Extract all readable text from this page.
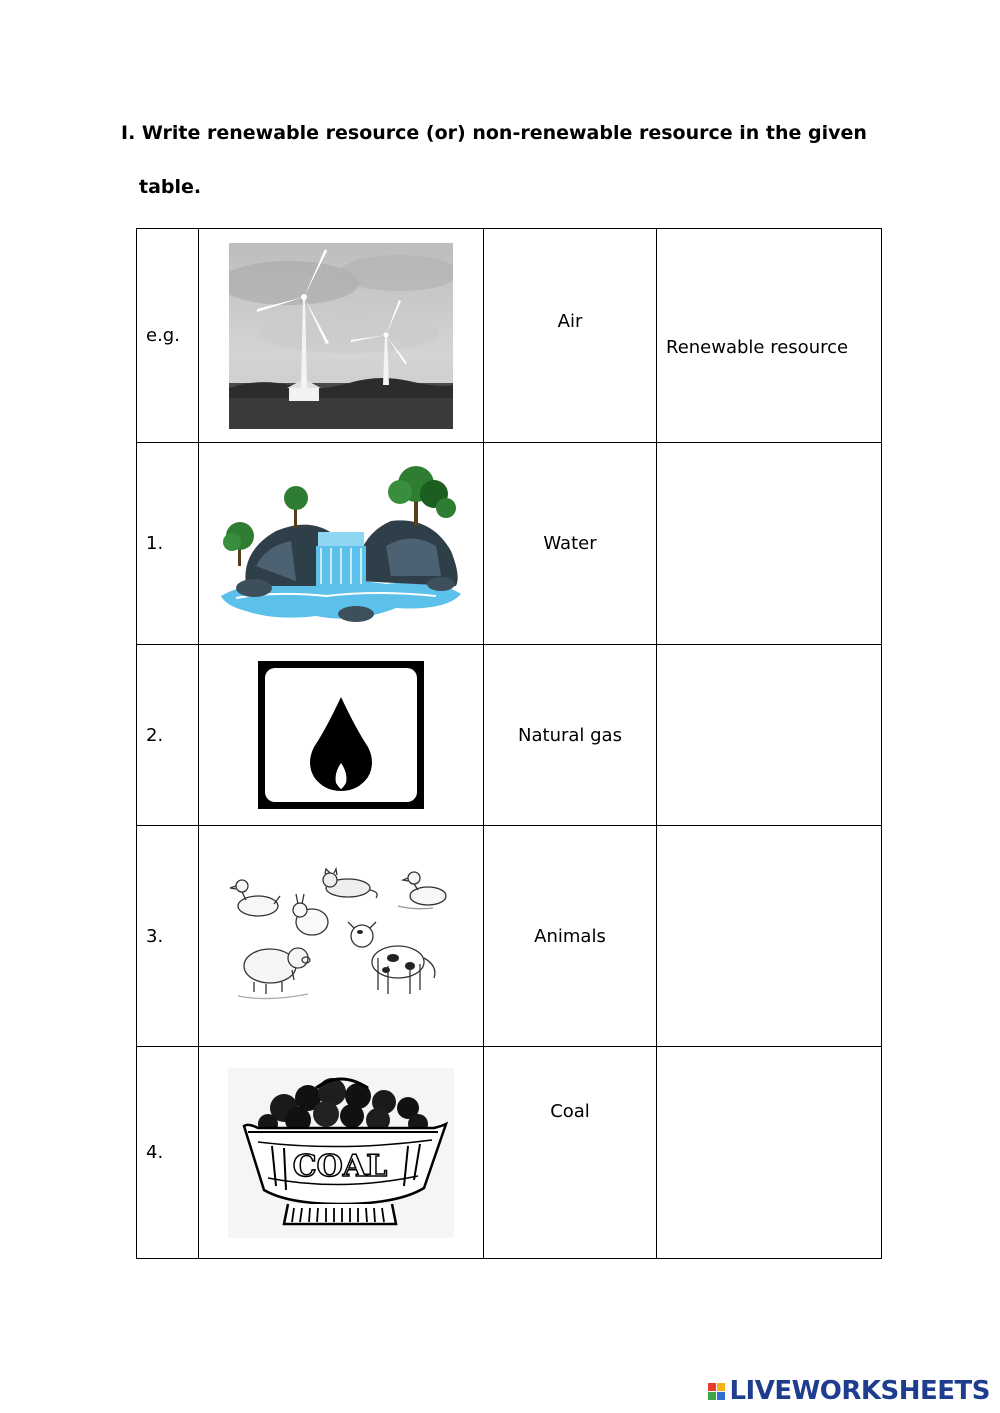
I. Write renewable resource (or) non-renewable resource in the given
table.
e.g.		Air	Renewable resource
1.		Water	
2.		Natural gas	
3.		Animals	
4.	COAL	Coal	
LIVEWORKSHEETS
